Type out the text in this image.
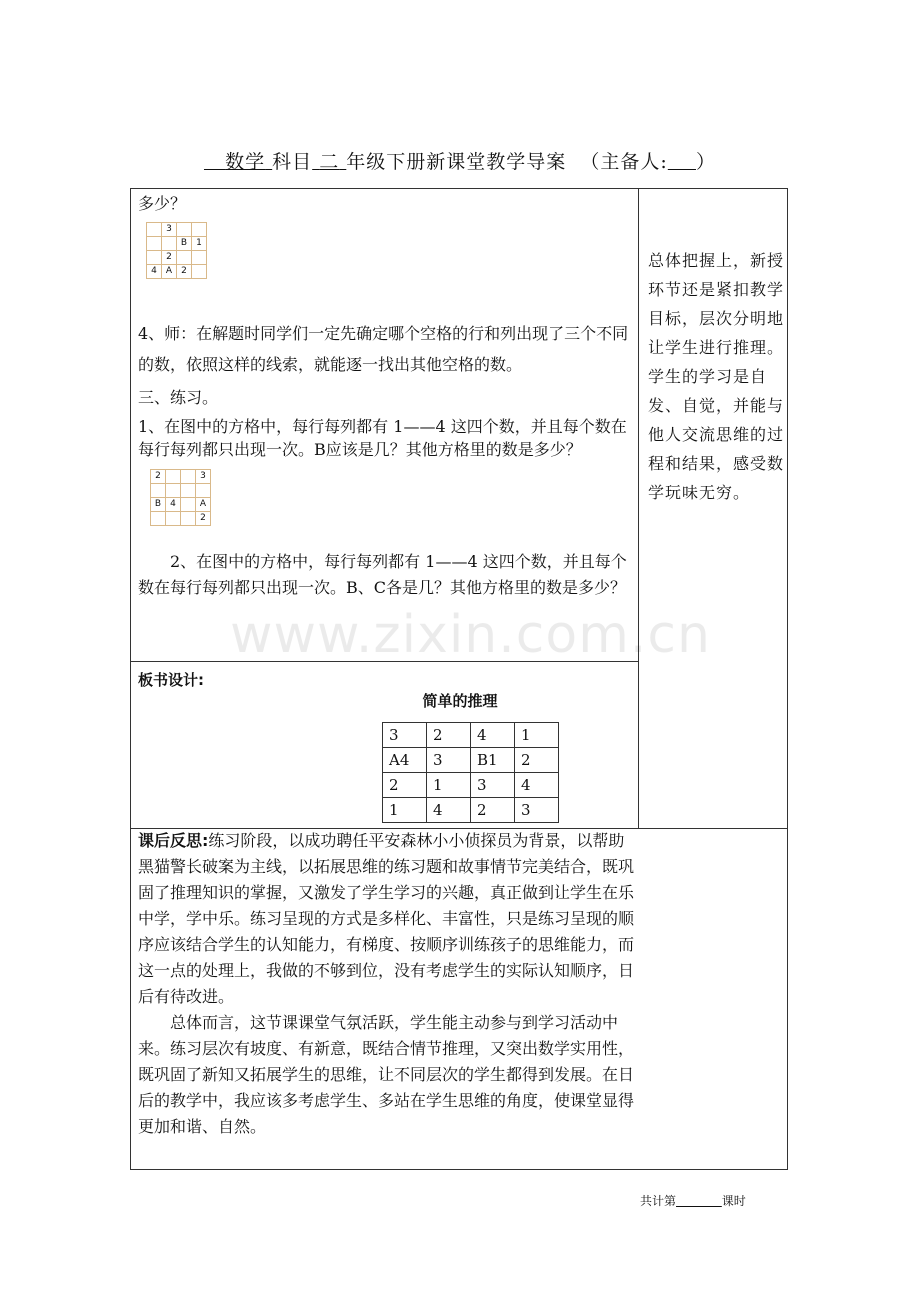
数学 科目 二 年级下册新课堂教学导案 （主备人: ）

多少？

	3		
		B	1
	2		
4	A	2	

4、师：在解题时同学们一定先确定哪个空格的行和列出现了三个不同的数，依照这样的线索，就能逐一找出其他空格的数。

三、练习。

1、在图中的方格中，每行每列都有 1——4 这四个数，并且每个数在每行每列都只出现一次。B应该是几？其他方格里的数是多少？

2			3

B	4		A
			2

2、在图中的方格中，每行每列都有 1——4 这四个数，并且每个数在每行每列都只出现一次。B、C各是几？其他方格里的数是多少？

总体把握上，新授环节还是紧扣教学目标，层次分明地让学生进行推理。学生的学习是自发、自觉，并能与他人交流思维的过程和结果，感受数学玩味无穷。
板书设计:
简单的推理
3	2	4	1
A4	3	B1	2
2	1	3	4
1	4	2	3

课后反思:练习阶段，以成功聘任平安森林小小侦探员为背景，以帮助黑猫警长破案为主线，以拓展思维的练习题和故事情节完美结合，既巩固了推理知识的掌握，又激发了学生学习的兴趣，真正做到让学生在乐中学，学中乐。练习呈现的方式是多样化、丰富性，只是练习呈现的顺序应该结合学生的认知能力，有梯度、按顺序训练孩子的思维能力，而这一点的处理上，我做的不够到位，没有考虑学生的实际认知顺序，日后有待改进。

总体而言，这节课课堂气氛活跃，学生能主动参与到学习活动中来。练习层次有坡度、有新意，既结合情节推理，又突出数学实用性，既巩固了新知又拓展学生的思维，让不同层次的学生都得到发展。在日后的教学中，我应该多考虑学生、多站在学生思维的角度，使课堂显得更加和谐、自然。

共计第	课时
www.zixin.com.cn
